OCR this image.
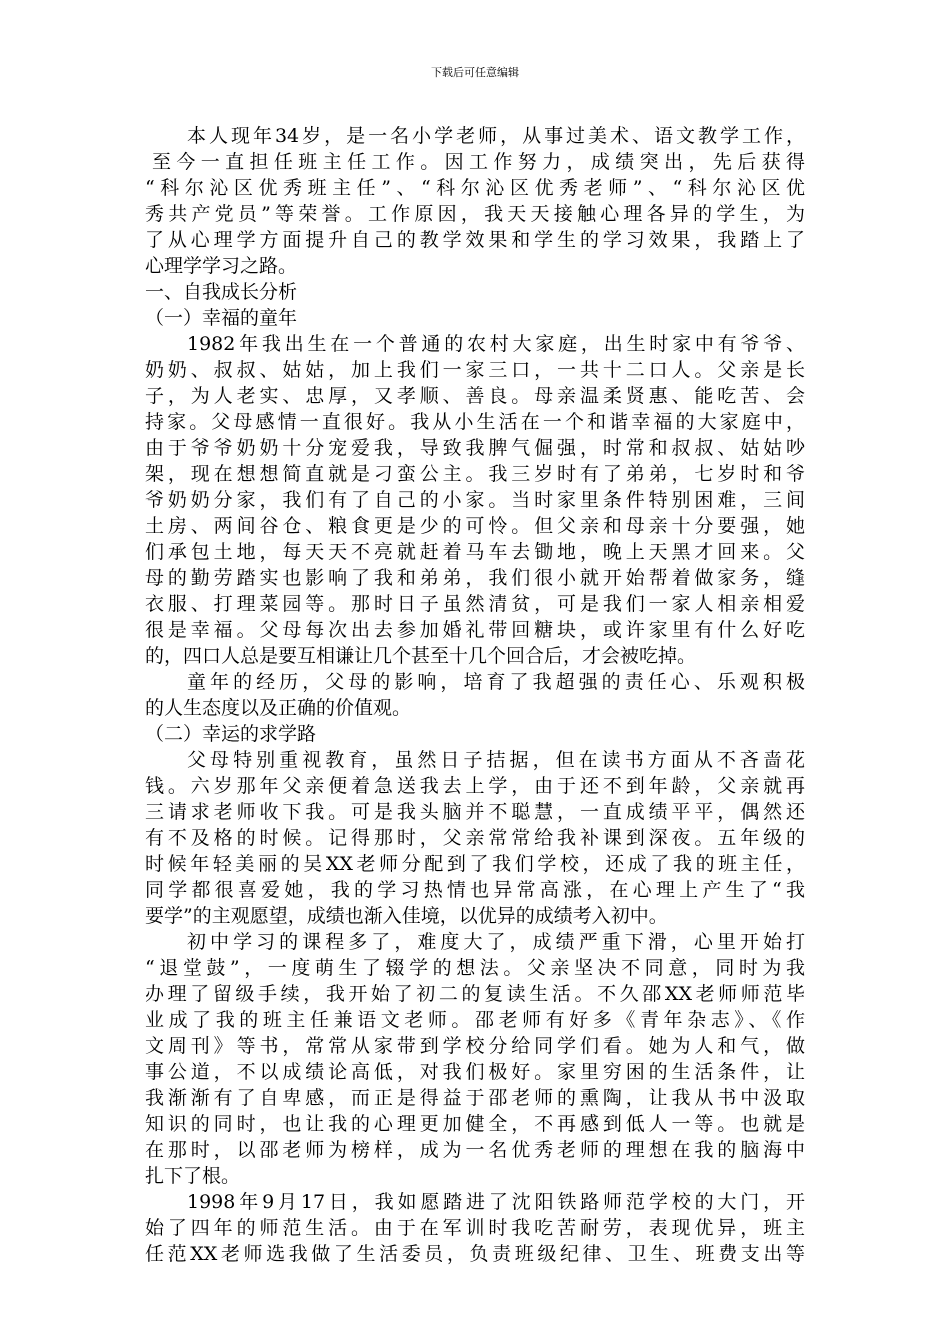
下载后可任意编辑
本人现年34岁，是一名小学老师，从事过美术、语文教学工作，
至今一直担任班主任工作。因工作努力，成绩突出，先后获得
“科尔沁区优秀班主任”、“科尔沁区优秀老师”、“科尔沁区优
秀共产党员”等荣誉。工作原因，我天天接触心理各异的学生，为
了从心理学方面提升自己的教学效果和学生的学习效果，我踏上了
心理学学习之路。
一、自我成长分析
（一）幸福的童年
1982年我出生在一个普通的农村大家庭，出生时家中有爷爷、
奶奶、叔叔、姑姑，加上我们一家三口，一共十二口人。父亲是长
子，为人老实、忠厚，又孝顺、善良。母亲温柔贤惠、能吃苦、会
持家。父母感情一直很好。我从小生活在一个和谐幸福的大家庭中，
由于爷爷奶奶十分宠爱我，导致我脾气倔强，时常和叔叔、姑姑吵
架，现在想想简直就是刁蛮公主。我三岁时有了弟弟，七岁时和爷
爷奶奶分家，我们有了自己的小家。当时家里条件特别困难，三间
土房、两间谷仓、粮食更是少的可怜。但父亲和母亲十分要强，她
们承包土地，每天天不亮就赶着马车去锄地，晚上天黑才回来。父
母的勤劳踏实也影响了我和弟弟，我们很小就开始帮着做家务，缝
衣服、打理菜园等。那时日子虽然清贫，可是我们一家人相亲相爱
很是幸福。父母每次出去参加婚礼带回糖块，或许家里有什么好吃
的，四口人总是要互相谦让几个甚至十几个回合后，才会被吃掉。
童年的经历，父母的影响，培育了我超强的责任心、乐观积极
的人生态度以及正确的价值观。
（二）幸运的求学路
父母特别重视教育，虽然日子拮据，但在读书方面从不吝啬花
钱。六岁那年父亲便着急送我去上学，由于还不到年龄，父亲就再
三请求老师收下我。可是我头脑并不聪慧，一直成绩平平，偶然还
有不及格的时候。记得那时，父亲常常给我补课到深夜。五年级的
时候年轻美丽的吴XX老师分配到了我们学校，还成了我的班主任，
同学都很喜爱她，我的学习热情也异常高涨，在心理上产生了“我
要学”的主观愿望，成绩也渐入佳境，以优异的成绩考入初中。
初中学习的课程多了，难度大了，成绩严重下滑，心里开始打
“退堂鼓”，一度萌生了辍学的想法。父亲坚决不同意，同时为我
办理了留级手续，我开始了初二的复读生活。不久邵XX老师师范毕
业成了我的班主任兼语文老师。邵老师有好多《青年杂志》、《作
文周刊》等书，常常从家带到学校分给同学们看。她为人和气，做
事公道，不以成绩论高低，对我们极好。家里穷困的生活条件，让
我渐渐有了自卑感，而正是得益于邵老师的熏陶，让我从书中汲取
知识的同时，也让我的心理更加健全，不再感到低人一等。也就是
在那时，以邵老师为榜样，成为一名优秀老师的理想在我的脑海中
扎下了根。
1998年9月17日，我如愿踏进了沈阳铁路师范学校的大门，开
始了四年的师范生活。由于在军训时我吃苦耐劳，表现优异，班主
任范XX老师选我做了生活委员，负责班级纪律、卫生、班费支出等
